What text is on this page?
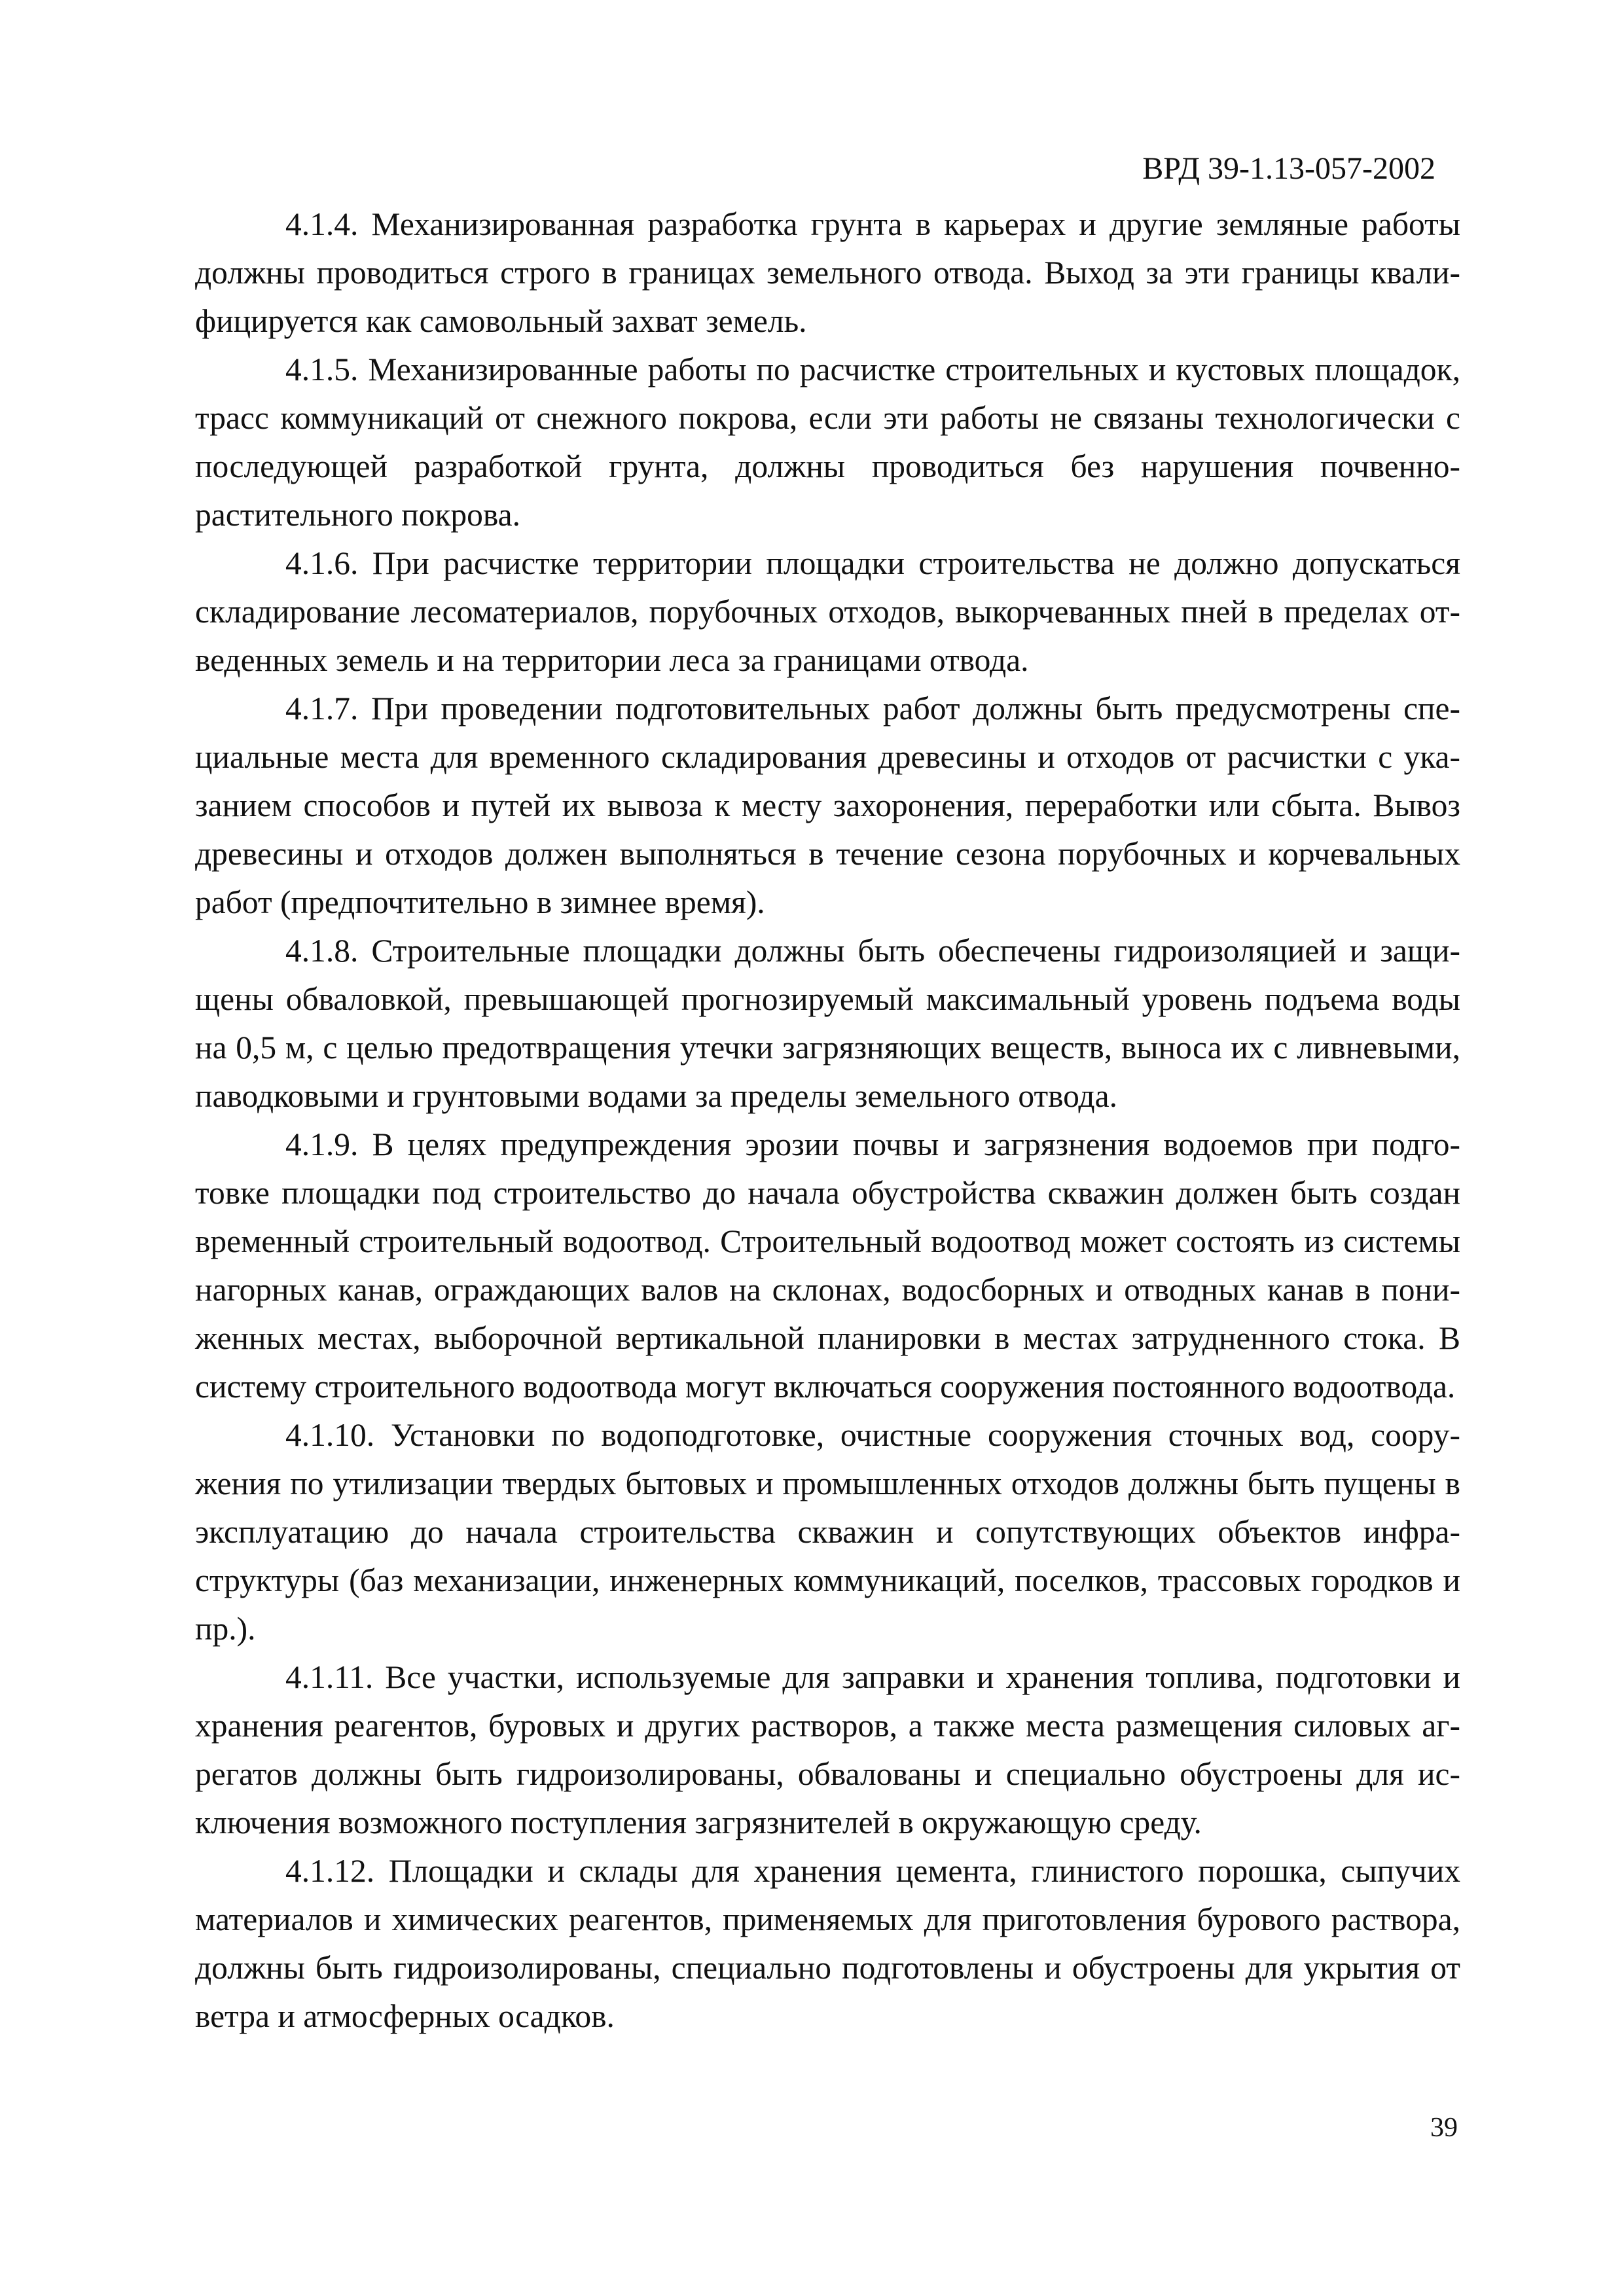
ВРД 39-1.13-057-2002

4.1.4. Механизированная разработка грунта в карьерах и другие земляные работы должны проводиться строго в границах земельного отвода. Выход за эти границы квалифицируется как самовольный захват земель.

4.1.5. Механизированные работы по расчистке строительных и кустовых площадок, трасс коммуникаций от снежного покрова, если эти работы не связаны технологически с последующей разработкой грунта, должны проводиться без нарушения почвенно-растительного покрова.

4.1.6. При расчистке территории площадки строительства не должно допускаться складирование лесоматериалов, порубочных отходов, выкорчеванных пней в пределах отведенных земель и на территории леса за границами отвода.

4.1.7. При проведении подготовительных работ должны быть предусмотрены специальные места для временного складирования древесины и отходов от расчистки с указанием способов и путей их вывоза к месту захоронения, переработки или сбыта. Вывоз древесины и отходов должен выполняться в течение сезона порубочных и корчевальных работ (предпочтительно в зимнее время).

4.1.8. Строительные площадки должны быть обеспечены гидроизоляцией и защищены обваловкой, превышающей прогнозируемый максимальный уровень подъема воды на 0,5 м, с целью предотвращения утечки загрязняющих веществ, выноса их с ливневыми, паводковыми и грунтовыми водами за пределы земельного отвода.

4.1.9. В целях предупреждения эрозии почвы и загрязнения водоемов при подготовке площадки под строительство до начала обустройства скважин должен быть создан временный строительный водоотвод. Строительный водоотвод может состоять из системы нагорных канав, ограждающих валов на склонах, водосборных и отводных канав в пониженных местах, выборочной вертикальной планировки в местах затрудненного стока. В систему строительного водоотвода могут включаться сооружения постоянного водоотвода.

4.1.10. Установки по водоподготовке, очистные сооружения сточных вод, сооружения по утилизации твердых бытовых и промышленных отходов должны быть пущены в эксплуатацию до начала строительства скважин и сопутствующих объектов инфраструктуры (баз механизации, инженерных коммуникаций, поселков, трассовых городков и пр.).

4.1.11. Все участки, используемые для заправки и хранения топлива, подготовки и хранения реагентов, буровых и других растворов, а также места размещения силовых агрегатов должны быть гидроизолированы, обвалованы и специально обустроены для исключения возможного поступления загрязнителей в окружающую среду.

4.1.12. Площадки и склады для хранения цемента, глинистого порошка, сыпучих материалов и химических реагентов, применяемых для приготовления бурового раствора, должны быть гидроизолированы, специально подготовлены и обустроены для укрытия от ветра и атмосферных осадков.

39
